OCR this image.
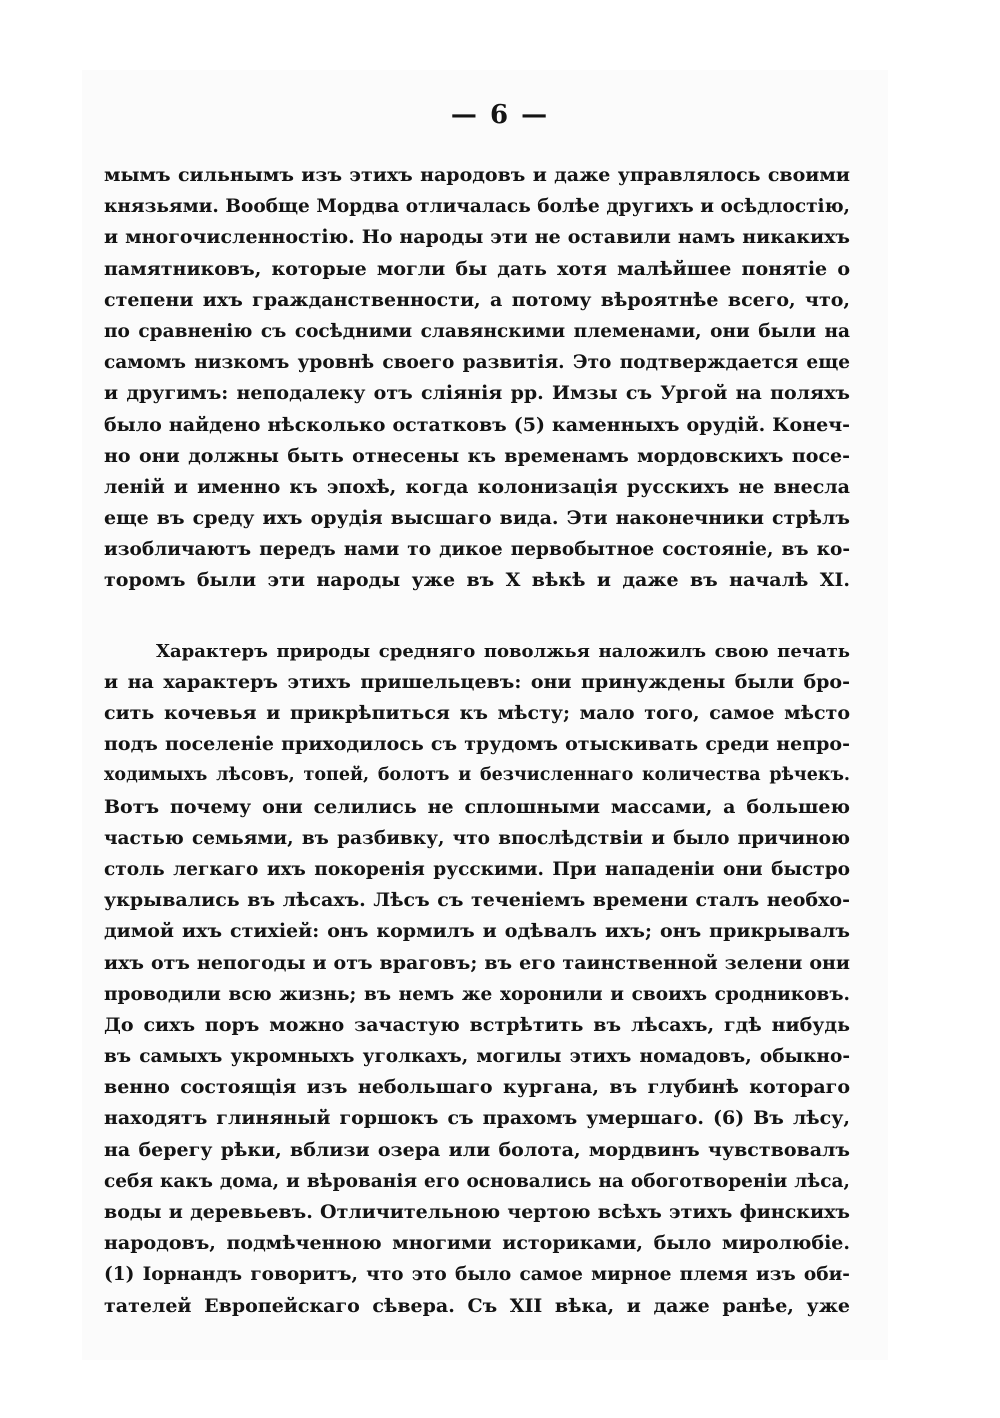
— 6 —
мымъ сильнымъ изъ этихъ народовъ и даже управлялось своими
князьями. Вообще Мордва отличалась болѣе другихъ и осѣдлостію,
и многочисленностію. Но народы эти не оставили намъ никакихъ
памятниковъ, которые могли бы дать хотя малѣйшее понятіе о
степени ихъ гражданственности, а потому вѣроятнѣе всего, что,
по сравненію съ сосѣдними славянскими племенами, они были на
самомъ низкомъ уровнѣ своего развитія. Это подтверждается еще
и другимъ: неподалеку отъ сліянія рр. Имзы съ Ургой на поляхъ
было найдено нѣсколько остатковъ (5) каменныхъ орудій. Конеч-
но они должны быть отнесены къ временамъ мордовскихъ посе-
леній и именно къ эпохѣ, когда колонизація русскихъ не внесла
еще въ среду ихъ орудія высшаго вида. Эти наконечники стрѣлъ
изобличаютъ передъ нами то дикое первобытное состояніе, въ ко-
торомъ были эти народы уже въ X вѣкѣ и даже въ началѣ XI.
Характеръ природы средняго поволжья наложилъ свою печать
и на характеръ этихъ пришельцевъ: они принуждены были бро-
сить кочевья и прикрѣпиться къ мѣсту; мало того, самое мѣсто
подъ поселеніе приходилось съ трудомъ отыскивать среди непро-
ходимыхъ лѣсовъ, топей, болотъ и безчисленнаго количества рѣчекъ.
Вотъ почему они селились не сплошными массами, а большею
частью семьями, въ разбивку, что впослѣдствіи и было причиною
столь легкаго ихъ покоренія русскими. При нападеніи они быстро
укрывались въ лѣсахъ. Лѣсъ съ теченіемъ времени сталъ необхо-
димой ихъ стихіей: онъ кормилъ и одѣвалъ ихъ; онъ прикрывалъ
ихъ отъ непогоды и отъ враговъ; въ его таинственной зелени они
проводили всю жизнь; въ немъ же хоронили и своихъ сродниковъ.
До сихъ поръ можно зачастую встрѣтить въ лѣсахъ, гдѣ нибудь
въ самыхъ укромныхъ уголкахъ, могилы этихъ номадовъ, обыкно-
венно состоящія изъ небольшаго кургана, въ глубинѣ котораго
находятъ глиняный горшокъ съ прахомъ умершаго. (6) Въ лѣсу,
на берегу рѣки, вблизи озера или болота, мордвинъ чувствовалъ
себя какъ дома, и вѣрованія его основались на обоготвореніи лѣса,
воды и деревьевъ. Отличительною чертою всѣхъ этихъ финскихъ
народовъ, подмѣченною многими историками, было миролюбіе.
(1) Іорнандъ говоритъ, что это было самое мирное племя изъ оби-
тателей Европейскаго сѣвера. Съ XII вѣка, и даже ранѣе, уже
